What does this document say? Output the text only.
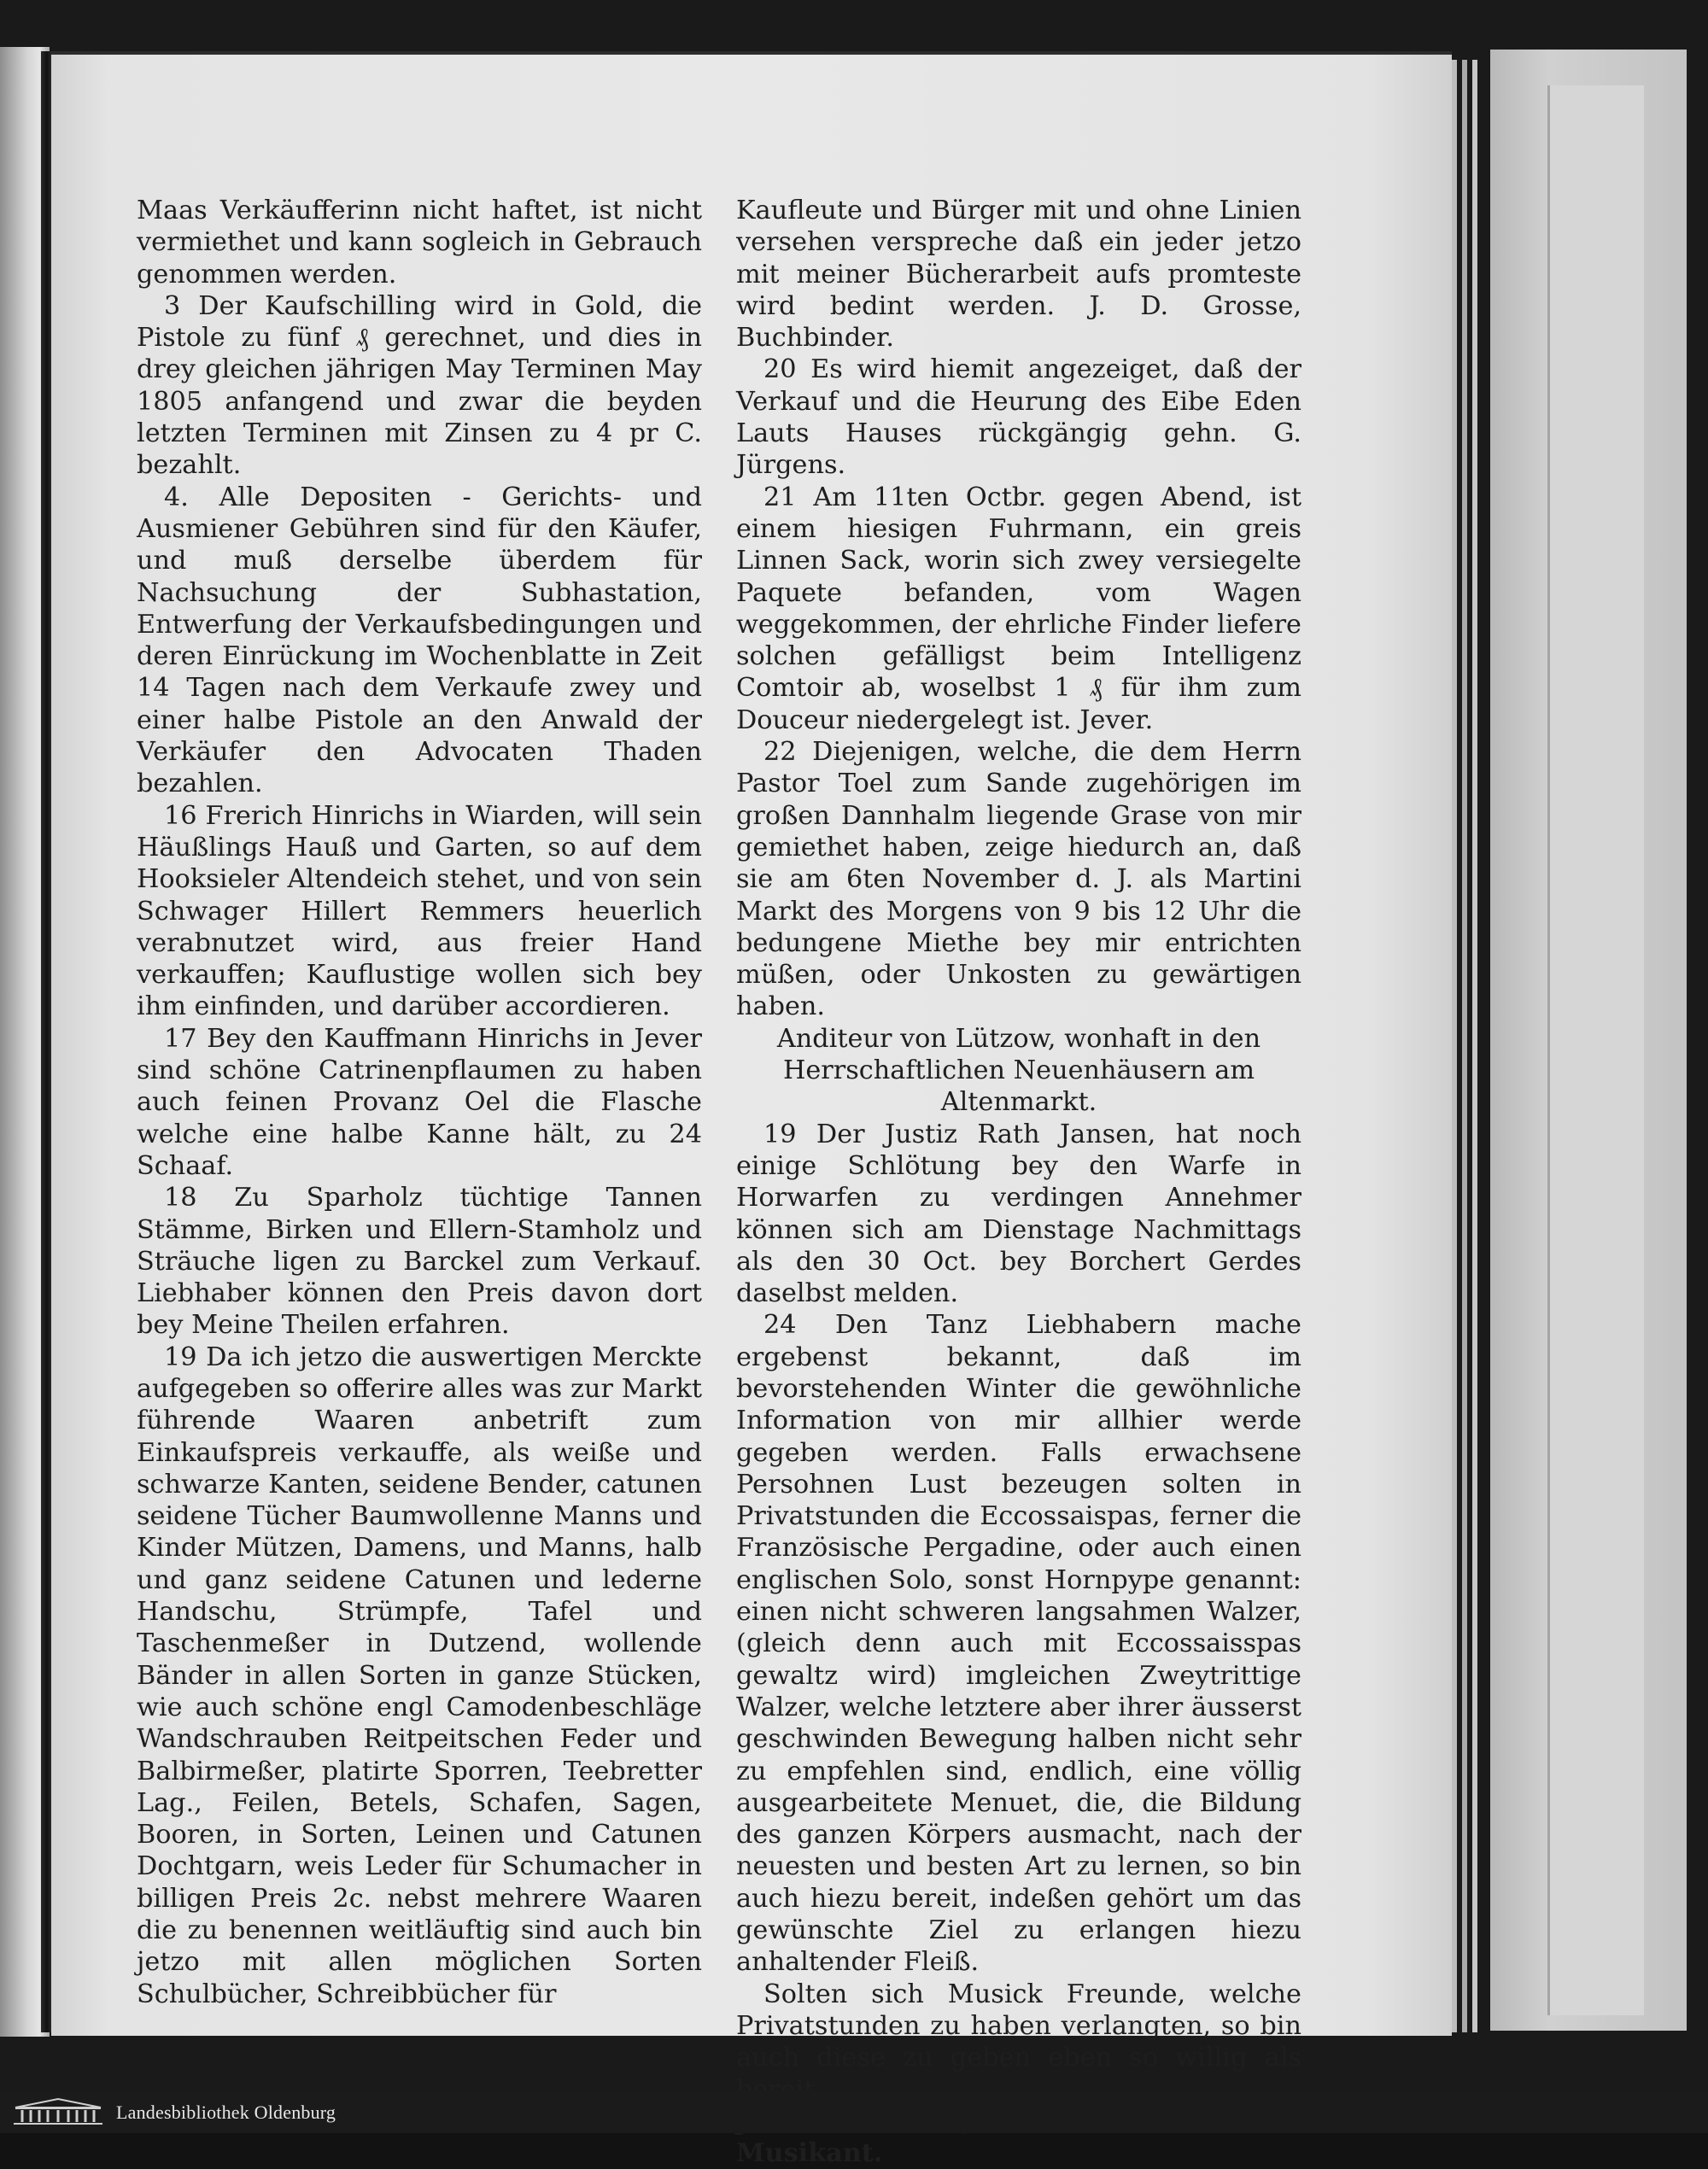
Maas Verkäufferinn nicht haftet, ist nicht vermiethet und kann sogleich in Gebrauch genommen werden.

3 Der Kaufschilling wird in Gold, die Pistole zu fünf ₰ gerechnet, und dies in drey gleichen jährigen May Terminen May 1805 anfangend und zwar die beyden letzten Terminen mit Zinsen zu 4 pr C. bezahlt.

4. Alle Depositen - Gerichts- und Ausmiener Gebühren sind für den Käufer, und muß derselbe überdem für Nachsuchung der Subhastation, Entwerfung der Verkaufsbedingungen und deren Einrückung im Wochenblatte in Zeit 14 Tagen nach dem Verkaufe zwey und einer halbe Pistole an den Anwald der Verkäufer den Advocaten Thaden bezahlen.

16 Frerich Hinrichs in Wiarden, will sein Häußlings Hauß und Garten, so auf dem Hooksieler Altendeich stehet, und von sein Schwager Hillert Remmers heuerlich verabnutzet wird, aus freier Hand verkauffen; Kauflustige wollen sich bey ihm einfinden, und darüber accordieren.

17 Bey den Kauffmann Hinrichs in Jever sind schöne Catrinenpflaumen zu haben auch feinen Provanz Oel die Flasche welche eine halbe Kanne hält, zu 24 Schaaf.

18 Zu Sparholz tüchtige Tannen Stämme, Birken und Ellern-Stamholz und Sträuche ligen zu Barckel zum Verkauf. Liebhaber können den Preis davon dort bey Meine Theilen erfahren.

19 Da ich jetzo die auswertigen Merckte aufgegeben so offerire alles was zur Markt führende Waaren anbetrift zum Einkaufspreis verkauffe, als weiße und schwarze Kanten, seidene Bender, catunen seidene Tücher Baumwollenne Manns und Kinder Mützen, Damens, und Manns, halb und ganz seidene Catunen und lederne Handschu, Strümpfe, Tafel und Taschenmeßer in Dutzend, wollende Bänder in allen Sorten in ganze Stücken, wie auch schöne engl Camodenbeschläge Wandschrauben Reitpeitschen Feder und Balbirmeßer, platirte Sporren, Teebretter Lag., Feilen, Betels, Schafen, Sagen, Booren, in Sorten, Leinen und Catunen Dochtgarn, weis Leder für Schumacher in billigen Preis 2c. nebst mehrere Waaren die zu benennen weitläuftig sind auch bin jetzo mit allen möglichen Sorten Schulbücher, Schreibbücher für

Kaufleute und Bürger mit und ohne Linien versehen verspreche daß ein jeder jetzo mit meiner Bücherarbeit aufs promteste wird bedint werden. J. D. Grosse, Buchbinder.

20 Es wird hiemit angezeiget, daß der Verkauf und die Heurung des Eibe Eden Lauts Hauses rückgängig gehn. G. Jürgens.

21 Am 11ten Octbr. gegen Abend, ist einem hiesigen Fuhrmann, ein greis Linnen Sack, worin sich zwey versiegelte Paquete befanden, vom Wagen weggekommen, der ehrliche Finder liefere solchen gefälligst beim Intelligenz Comtoir ab, woselbst 1 ₰ für ihm zum Douceur niedergelegt ist. Jever.

22 Diejenigen, welche, die dem Herrn Pastor Toel zum Sande zugehörigen im großen Dannhalm liegende Grase von mir gemiethet haben, zeige hiedurch an, daß sie am 6ten November d. J. als Martini Markt des Morgens von 9 bis 12 Uhr die bedungene Miethe bey mir entrichten müßen, oder Unkosten zu gewärtigen haben.

Anditeur von Lützow, wonhaft in den Herrschaftlichen Neuenhäusern am Altenmarkt.

19 Der Justiz Rath Jansen, hat noch einige Schlötung bey den Warfe in Horwarfen zu verdingen Annehmer können sich am Dienstage Nachmittags als den 30 Oct. bey Borchert Gerdes daselbst melden.

24 Den Tanz Liebhabern mache ergebenst bekannt, daß im bevorstehenden Winter die gewöhnliche Information von mir allhier werde gegeben werden. Falls erwachsene Persohnen Lust bezeugen solten in Privatstunden die Eccossaispas, ferner die Französische Pergadine, oder auch einen englischen Solo, sonst Hornpype genannt: einen nicht schweren langsahmen Walzer, (gleich denn auch mit Eccossaisspas gewaltz wird) imgleichen Zweytrittige Walzer, welche letztere aber ihrer äusserst geschwinden Bewegung halben nicht sehr zu empfehlen sind, endlich, eine völlig ausgearbeitete Menuet, die, die Bildung des ganzen Körpers ausmacht, nach der neuesten und besten Art zu lernen, so bin auch hiezu bereit, indeßen gehört um das gewünschte Ziel zu erlangen hiezu anhaltender Fleiß.

Solten sich Musick Freunde, welche Privatstunden zu haben verlangten, so bin auch diese zu geben eben so willig als

Musikant.

Landesbibliothek Oldenburg
